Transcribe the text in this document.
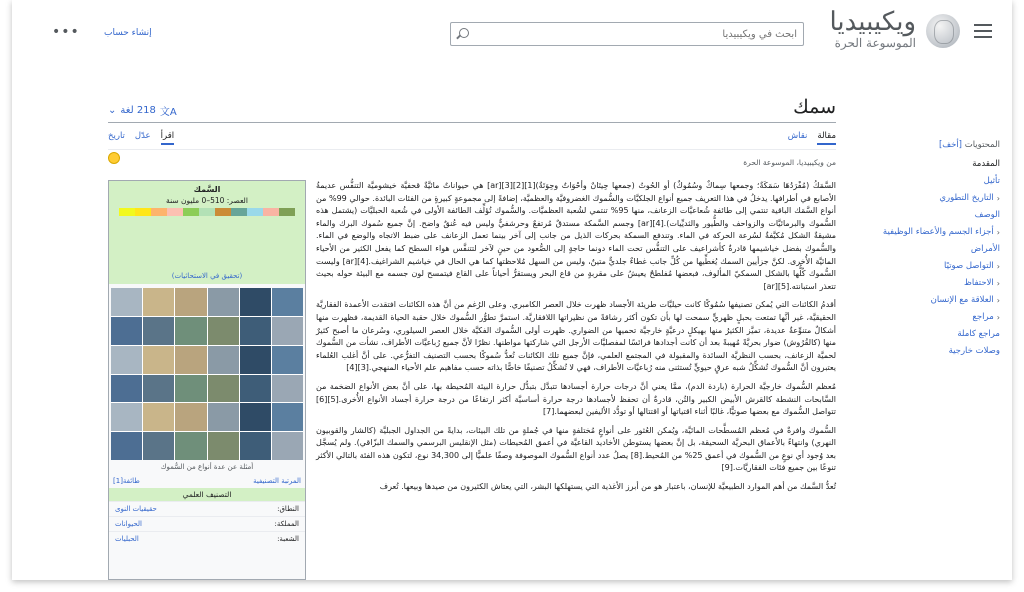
ويكيبيديا
الموسوعة الحرة
ابحث في ويكيبيديا
إنشاء حساب
•••
المحتويات [أخف]
المقدمة
تأثيل
‹
التاريخ التطوري
الوصف
‹
أجزاء الجسم والأعضاء الوظيفية
الأمراض
‹
التواصل صوتيًا
‹
الاحتفاظ
‹
العلاقة مع الإنسان
‹
مراجع
مراجع كاملة
وصلات خارجية
سمك
文A
218 لغة
⌄
مقالة
نقاش
اقرأ
عدّل
تاريخ
من ويكيبيديا، الموسوعة الحرة

السَّمَكُ (مُفْرَدُهَا سَمَكَةٌ؛ وجمعها سِماكٌ وسُمُوكٌ) أو الحُوتُ (جمعها حِيتَانٌ وأحْوَاتٌ وحِوَتَةٌ)[1][2][3][ar] هي حيواناتٌ مائيَّةٌ قحفيَّة خيشوميَّة التنفُّس عديمةُ الأصابع في أطرافها. يدخلُ في هذا التعريف جميع أنواع الجلكيَّات والسُّموك الغضروفيَّة والعظميَّة، إضافةً إلى مجموعةٍ كبيرةٍ من الفئات البائدة. حوالي 99% من أنواع السَّمَك الباقية تنتمي إلى طائفة شُعاعيَّات الزعانف، منها 95% تنتمي لشُعبة العظميَّات. والسُّموك تُؤلِّف الطائفة الأولى في شُعبة الحبليَّات (يشتمل هذه السُّموك والبرمائيَّات والزواحف والطُّيور والثديِّيات).[4][ar] وجسم السَّمكة مستدقٌ مُرتفعٌ وحرشفيٌّ وليس فيه عُنقٌ واضح. إنَّ جميع سُموك البرك والماء مشيقةٌ الشكل مُكيَّفةٌ لسُرعة الحركة في الماء. وتندفع السمكة بحركات الذيل من جانب إلى آخر بينما تعمل الزعانف على ضبط الاتجاه والوضع في الماء. والسُّموك بفضل خياشيمها قادرةٌ كأشراعيف على التنفُّس تحت الماء دونما حاجةٍ إلى الصُّعود من حينٍ لآخر لتتنفَّس هواء السطح كما يفعل الكثير من الأحياء المائيَّة الأُخرى. لكنَّ جزأيين السمك يُغطِّيها من كُلِّ جانب غطاءٌ جلديٌّ متينٌ، وليس من السهل مُلاحظتها كما هي الحال في خياشيم الشراغيف.[4][ar] وليست السُّموك كُلُّها بالشكل السمكيّ المألوف، فبعضها مُفلطحٌ يعيشُ على مقربةٍ من قاع البحر ويستقرُّ أحياناً على القاع فيتمسح لون جسمه مع البيئة حوله بحيث تتعذر استبانته.[5][ar]

أقدمُ الكائنات التي يُمكن تصنيفها سُمُوكًا كانت حيليَّات طريئة الأجساد ظهرت خلال العصر الكامبري. وعلى الرُغم من أنَّ هذه الكائنات افتقدت الأعمدة الفقاريَّة الحقيقيَّة، غير أنَّها تمتعت بحبلٍ ظهريٍّ سمحت لها بأن تكون أكثر رشاقةً من نظيراتها اللافقاريَّة. استمرَّ تطوُّر السُّموك خلال حقبة الحياة القديمة، فظهرت منها أشكالٌ متنوِّعةٌ عديدة، تميَّز الكثيرُ منها بهيكلٍ درعيَّةٍ خارجيَّة تحميها من الضواري. ظهرت أولى السُّموك الفكيَّة خلال العصر السيلوري، وسُرعان ما أصبح كثيرٌ منها (كالقُرُوش) ضوار بحريَّةً مُهيبةً بعد أن كانت أجدادها فرائسًا لمفصليَّات الأرجل التي شاركتها مواطنها. نظرًا لأنَّ جميع رُباعيَّات الأطراف، نشأت من السُّموك لحميَّة الزعانف، بحسب النظريَّة السائدة والمقبولة في المجتمع العلمي، فإنَّ جميع تلك الكائنات تُعدُّ سُموكًا بحسب التصنيف التفرُّعي. على أنَّ أغلب العُلماء يعتبرون أنَّ السُّموك تُشكِّلُ شبه عرقٍ حيويٍّ تُستثنى منه رُباعيَّات الأطراف، فهي لا تُشكِّلُ تصنيفًا خاصًّا بذاته حسب مفاهيم علم الأحياء المنهجي.[3][4]

مُعظم السُّموك خارجيَّة الحرارة (باردة الدم)، ممَّا يعني أنَّ درجات حرارة أجسادها تتبدَّل بتبدُّل حرارة البيئة المُحيطة بها، على أنَّ بعض الأنواع الضخمة من السَّابحات النشطة كالقرش الأبيض الكبير والتُن، قادرةٌ أن تحفظ لأجسادها درجة حرارة أساسيَّة أكثر ارتفاعًا من درجة حرارة أجساد الأنواع الأُخرى.[5][6] تتواصل السُّموك مع بعضها صوتيًّا، غالبًا أثناء اقتياتها أو اقتتالها أو تودُّد الأليفين لبعضهما.[7]

السُّموك وافرةٌ في مُعظم المُسطَّحات المائيَّة، ويُمكن العُثور على أنواعٍ مُختلفةٍ منها في جُملةٍ من تلك البيئات، بدايةً من الجداول الجبليَّة (كالشار والقوبيون النهري) وانتهاءً بالأعماق البحريَّة السحيقة، بل إنَّ بعضها يستوطن الأخاديد القاعيَّة في أعمق المُحيطات (مثل الإنقليس البرسمي والسمك البزّاقي). ولم يُسجَّل بعد وُجود أي نوعٍ من السُّموك في أعمق 25% من المُحيط.[8] يصلُ عدد أنواع السُّموك الموصوفة وصفًا علميًّا إلى 34,300 نوع، لتكون هذه الفئة بالتالي الأكثر تنوعًا بين جميع فئات الفقاريَّات.[9]

تُعدُّ السَّمك من أهم الموارد الطبيعيَّة للإنسان، باعتبار هو من أبرز الأغذية التي يستهلكها البشر، التي يعتاش الكثيرون من صيدها وبيعها. تُعرف

السَّمك
العصر: 510–0 مليون سنة
(تحقيق في الاستحاثيات)
أمثلة عن عدة أنواع من السُّموك
المرتبة التصنيفية
طائفة[1]
التصنيف العلمي
النطاق:
حقيقيات النوى
المملكة:
الحيوانات
الشعبة:
الحبليات
